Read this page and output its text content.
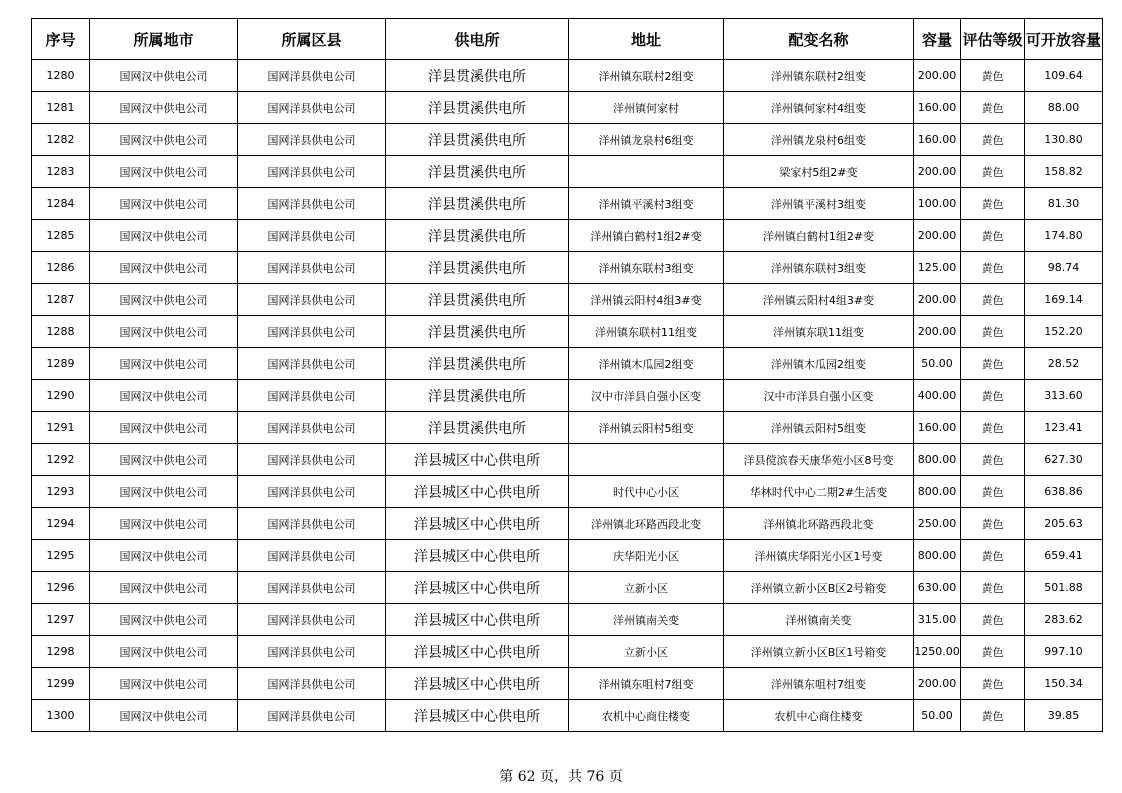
序号	所属地市	所属区县	供电所	地址	配变名称	容量	评估等级	可开放容量
1280	国网汉中供电公司	国网洋县供电公司	洋县贯溪供电所	洋州镇东联村2组变	洋州镇东联村2组变	200.00	黄色	109.64
1281	国网汉中供电公司	国网洋县供电公司	洋县贯溪供电所	洋州镇何家村	洋州镇何家村4组变	160.00	黄色	88.00
1282	国网汉中供电公司	国网洋县供电公司	洋县贯溪供电所	洋州镇龙泉村6组变	洋州镇龙泉村6组变	160.00	黄色	130.80
1283	国网汉中供电公司	国网洋县供电公司	洋县贯溪供电所		梁家村5组2#变	200.00	黄色	158.82
1284	国网汉中供电公司	国网洋县供电公司	洋县贯溪供电所	洋州镇平溪村3组变	洋州镇平溪村3组变	100.00	黄色	81.30
1285	国网汉中供电公司	国网洋县供电公司	洋县贯溪供电所	洋州镇白鹤村1组2#变	洋州镇白鹤村1组2#变	200.00	黄色	174.80
1286	国网汉中供电公司	国网洋县供电公司	洋县贯溪供电所	洋州镇东联村3组变	洋州镇东联村3组变	125.00	黄色	98.74
1287	国网汉中供电公司	国网洋县供电公司	洋县贯溪供电所	洋州镇云阳村4组3#变	洋州镇云阳村4组3#变	200.00	黄色	169.14
1288	国网汉中供电公司	国网洋县供电公司	洋县贯溪供电所	洋州镇东联村11组变	洋州镇东联11组变	200.00	黄色	152.20
1289	国网汉中供电公司	国网洋县供电公司	洋县贯溪供电所	洋州镇木瓜园2组变	洋州镇木瓜园2组变	50.00	黄色	28.52
1290	国网汉中供电公司	国网洋县供电公司	洋县贯溪供电所	汉中市洋县自强小区变	汉中市洋县自强小区变	400.00	黄色	313.60
1291	国网汉中供电公司	国网洋县供电公司	洋县贯溪供电所	洋州镇云阳村5组变	洋州镇云阳村5组变	160.00	黄色	123.41
1292	国网汉中供电公司	国网洋县供电公司	洋县城区中心供电所		洋县傥滨春天康华苑小区8号变	800.00	黄色	627.30
1293	国网汉中供电公司	国网洋县供电公司	洋县城区中心供电所	时代中心小区	华林时代中心二期2#生活变	800.00	黄色	638.86
1294	国网汉中供电公司	国网洋县供电公司	洋县城区中心供电所	洋州镇北环路西段北变	洋州镇北环路西段北变	250.00	黄色	205.63
1295	国网汉中供电公司	国网洋县供电公司	洋县城区中心供电所	庆华阳光小区	洋州镇庆华阳光小区1号变	800.00	黄色	659.41
1296	国网汉中供电公司	国网洋县供电公司	洋县城区中心供电所	立新小区	洋州镇立新小区B区2号箱变	630.00	黄色	501.88
1297	国网汉中供电公司	国网洋县供电公司	洋县城区中心供电所	洋州镇南关变	洋州镇南关变	315.00	黄色	283.62
1298	国网汉中供电公司	国网洋县供电公司	洋县城区中心供电所	立新小区	洋州镇立新小区B区1号箱变	1250.00	黄色	997.10
1299	国网汉中供电公司	国网洋县供电公司	洋县城区中心供电所	洋州镇东咀村7组变	洋州镇东咀村7组变	200.00	黄色	150.34
1300	国网汉中供电公司	国网洋县供电公司	洋县城区中心供电所	农机中心商住楼变	农机中心商住楼变	50.00	黄色	39.85
第 62 页，共 76 页
